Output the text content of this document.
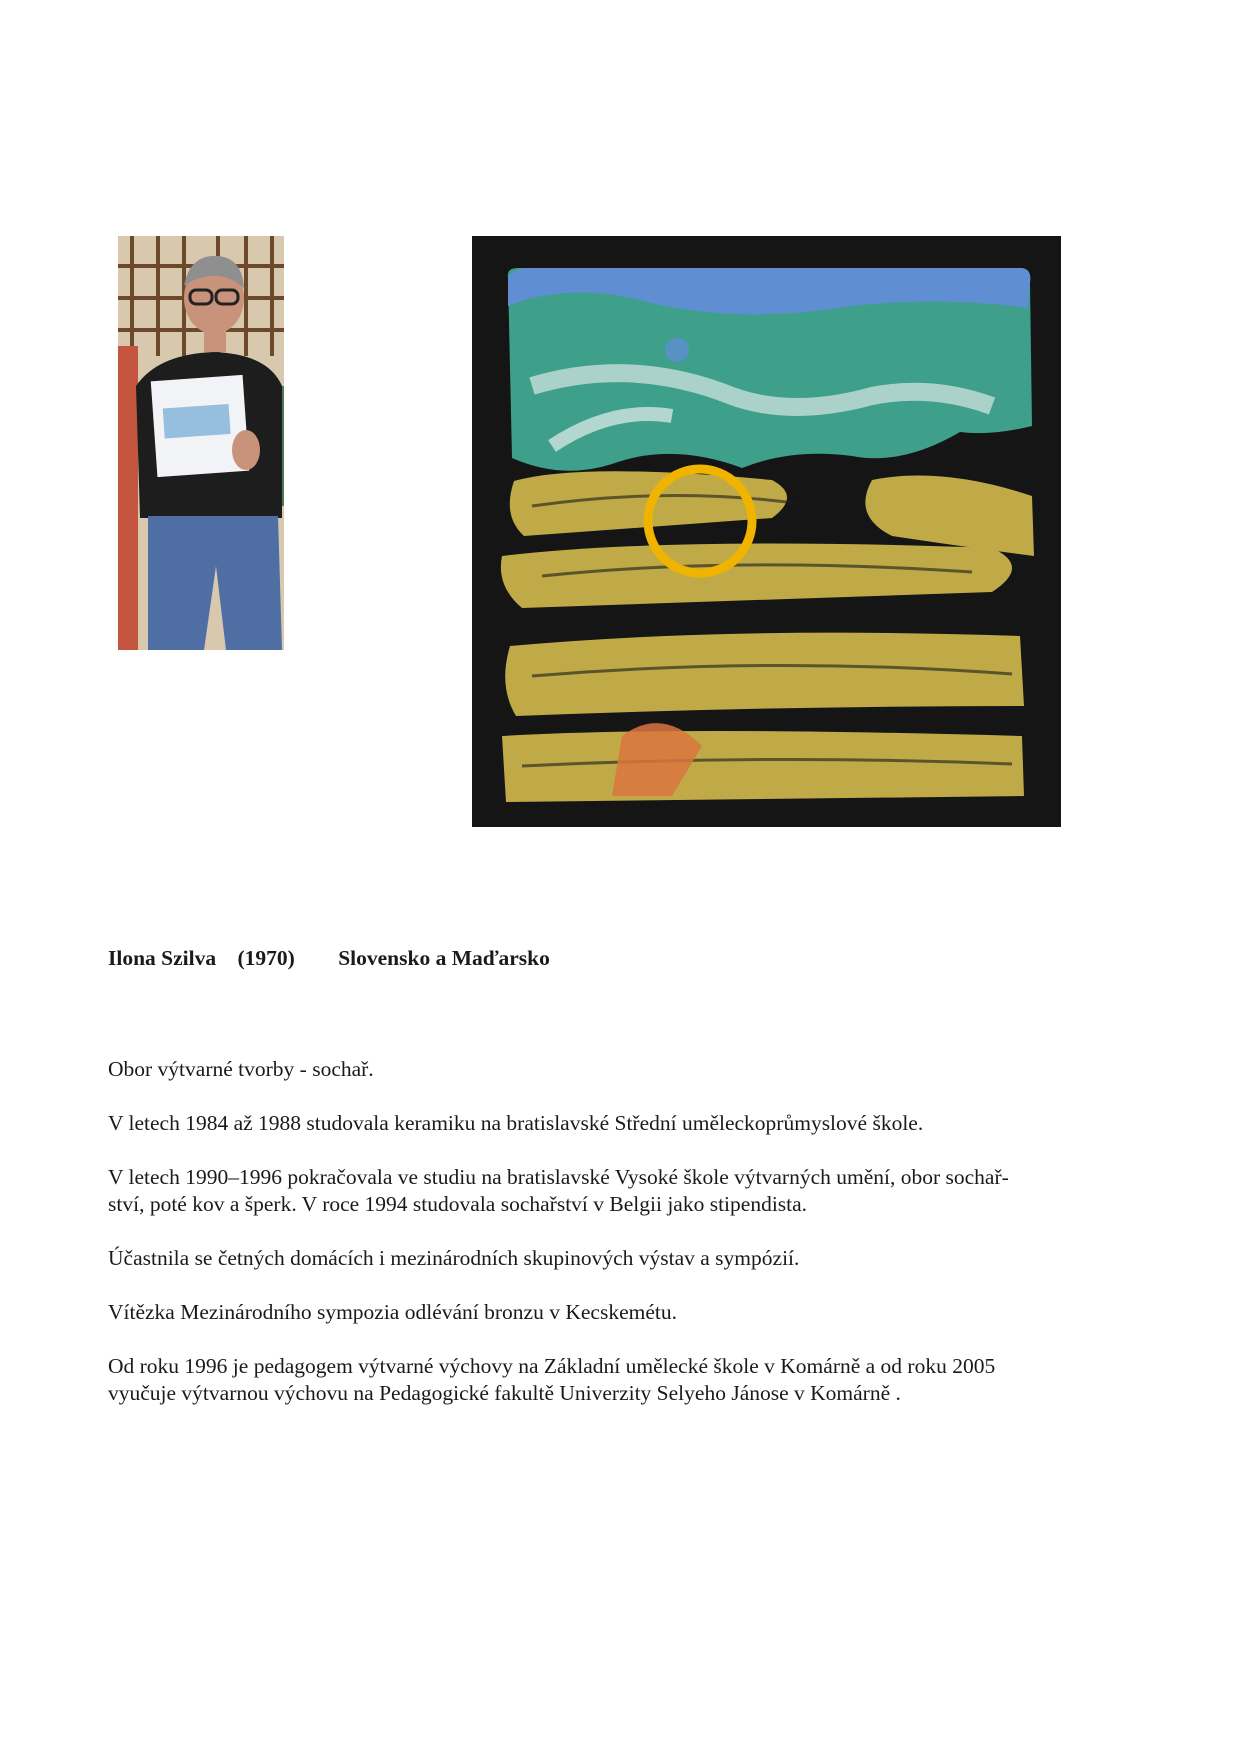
Ilona Szilva (1970) Slovensko a Maďarsko

Obor výtvarné tvorby - sochař.

V letech 1984 až 1988 studovala keramiku na bratislavské Střední uměleckoprůmyslové škole.

V letech 1990–1996 pokračovala ve studiu na bratislavské Vysoké škole výtvarných umění, obor sochař-
ství, poté kov a šperk. V roce 1994 studovala sochařství v Belgii jako stipendista.

Účastnila se četných domácích i mezinárodních skupinových výstav a sympózií.

Vítězka Mezinárodního sympozia odlévání bronzu v Kecskemétu.

Od roku 1996 je pedagogem výtvarné výchovy na Základní umělecké škole v Komárně a od roku 2005
vyučuje výtvarnou výchovu na Pedagogické fakultě Univerzity Selyeho Jánose v Komárně .
